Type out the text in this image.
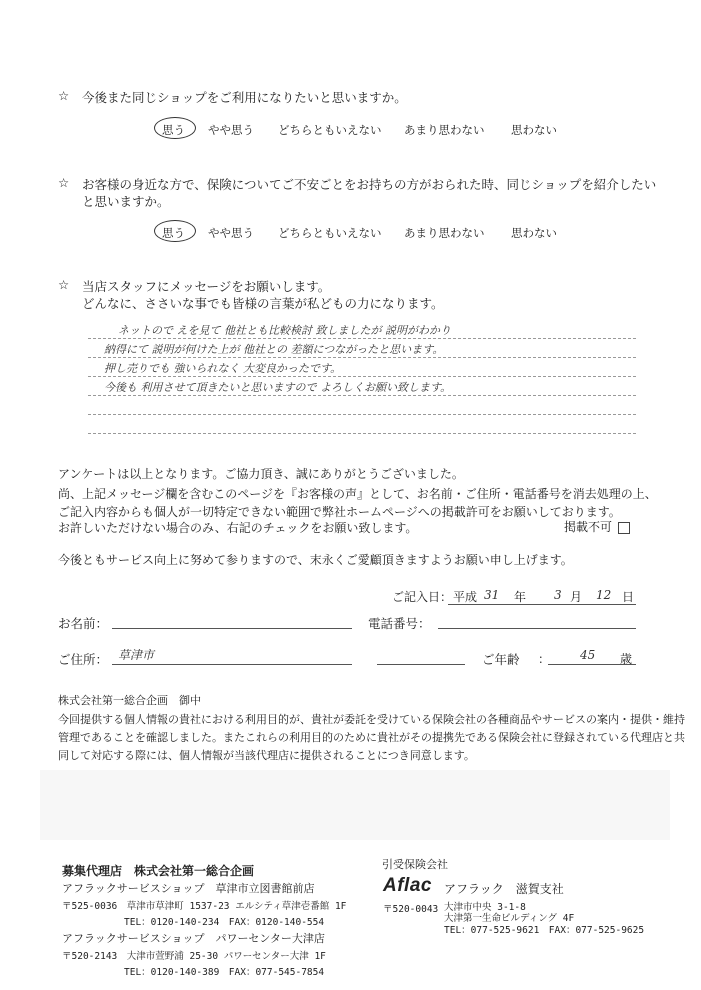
☆ 今後また同じショップをご利用になりたいと思いますか。
思う やや思う どちらともいえない あまり思わない 思わない
☆ お客様の身近な方で、保険についてご不安ごとをお持ちの方がおられた時、同じショップを紹介したい
と思いますか。
思う やや思う どちらともいえない あまり思わない 思わない
☆ 当店スタッフにメッセージをお願いします。
どんなに、ささいな事でも皆様の言葉が私どもの力になります。
ネットので えを見て 他社とも比較検討 致しましたが 説明がわかり
納得にて 説明が何けた上が 他社との 差額につながったと思います。
押し売りでも 強いられなく 大変良かったです。
今後も 利用させて頂きたいと思いますので よろしくお願い致します。
アンケートは以上となります。ご協力頂き、誠にありがとうございました。
尚、上記メッセージ欄を含むこのページを『お客様の声』として、お名前・ご住所・電話番号を消去処理の上、
ご記入内容からも個人が一切特定できない範囲で弊社ホームページへの掲載許可をお願いしております。
お許しいただけない場合のみ、右記のチェックをお願い致します。	掲載不可
今後ともサービス向上に努めて参りますので、末永くご愛顧頂きますようお願い申し上げます。
ご記入日： 平成 31 年 3 月 12 日
お名前：	電話番号：
ご住所： 草津市	ご年齢 ： 45 歳
株式会社第一総合企画　御中
今回提供する個人情報の貴社における利用目的が、貴社が委託を受けている保険会社の各種商品やサービスの案内・提供・維持
管理であることを確認しました。またこれらの利用目的のために貴社がその提携先である保険会社に登録されている代理店と共
同して対応する際には、個人情報が当該代理店に提供されることにつき同意します。
募集代理店　株式会社第一総合企画
アフラックサービスショップ　草津市立図書館前店
〒525-0036　草津市草津町 1537-23 エルシティ草津壱番館 1F
TEL：0120-140-234　FAX：0120-140-554
アフラックサービスショップ　パワーセンター大津店
〒520-2143　大津市萱野浦 25-30 パワーセンター大津 1F
TEL：0120-140-389　FAX：077-545-7854
引受保険会社
Aflac アフラック　滋賀支社
〒520-0043 大津市中央 3-1-8
大津第一生命ビルディング 4F
TEL：077-525-9621　FAX：077-525-9625
